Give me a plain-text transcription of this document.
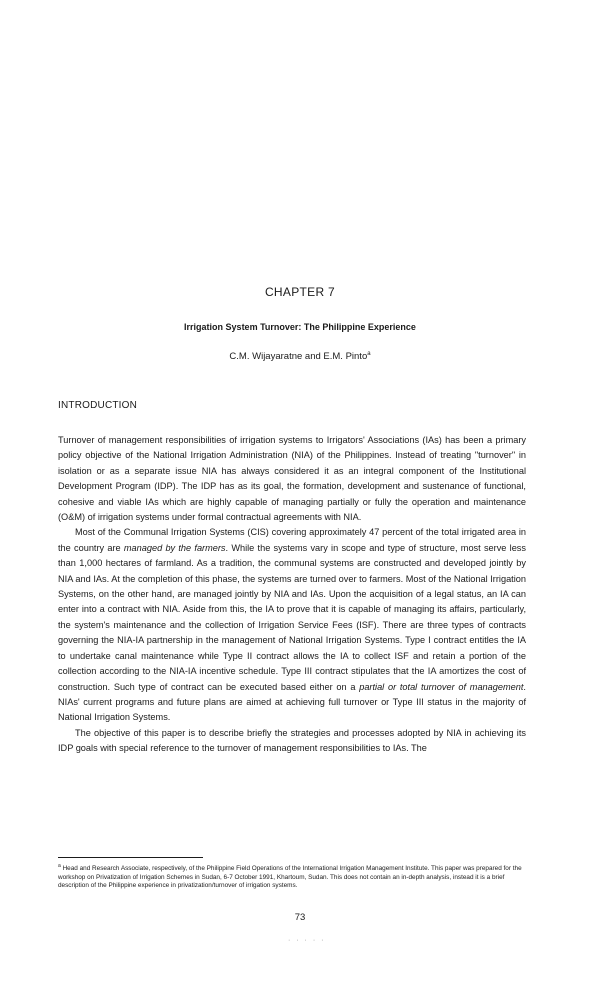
CHAPTER 7
Irrigation System Turnover: The Philippine Experience
C.M. Wijayaratne and E.M. Pinto$^a$
INTRODUCTION

Turnover of management responsibilities of irrigation systems to Irrigators' Associations (IAs) has been a primary policy objective of the National Irrigation Administration (NIA) of the Philippines. Instead of treating "turnover" in isolation or as a separate issue NIA has always considered it as an integral component of the Institutional Development Program (IDP). The IDP has as its goal, the formation, development and sustenance of functional, cohesive and viable IAs which are highly capable of managing partially or fully the operation and maintenance (O&M) of irrigation systems under formal contractual agreements with NIA.

Most of the Communal Irrigation Systems (CIS) covering approximately 47 percent of the total irrigated area in the country are managed by the farmers. While the systems vary in scope and type of structure, most serve less than 1,000 hectares of farmland. As a tradition, the communal systems are constructed and developed jointly by NIA and IAs. At the completion of this phase, the systems are turned over to farmers. Most of the National Irrigation Systems, on the other hand, are managed jointly by NIA and IAs. Upon the acquisition of a legal status, an IA can enter into a contract with NIA. Aside from this, the IA to prove that it is capable of managing its affairs, particularly, the system's maintenance and the collection of Irrigation Service Fees (ISF). There are three types of contracts governing the NIA-IA partnership in the management of National Irrigation Systems. Type I contract entitles the IA to undertake canal maintenance while Type II contract allows the IA to collect ISF and retain a portion of the collection according to the NIA-IA incentive schedule. Type III contract stipulates that the IA amortizes the cost of construction. Such type of contract can be executed based either on a partial or total turnover of management. NIAs' current programs and future plans are aimed at achieving full turnover or Type III status in the majority of National Irrigation Systems.

The objective of this paper is to describe briefly the strategies and processes adopted by NIA in achieving its IDP goals with special reference to the turnover of management responsibilities to IAs. The

$^a$ Head and Research Associate, respectively, of the Philippine Field Operations of the International Irrigation Management Institute. This paper was prepared for the workshop on Privatization of Irrigation Schemes in Sudan, 6-7 October 1991, Khartoum, Sudan. This does not contain an in-depth analysis, instead it is a brief description of the Philippine experience in privatization/turnover of irrigation systems.
73
· · · · ·
